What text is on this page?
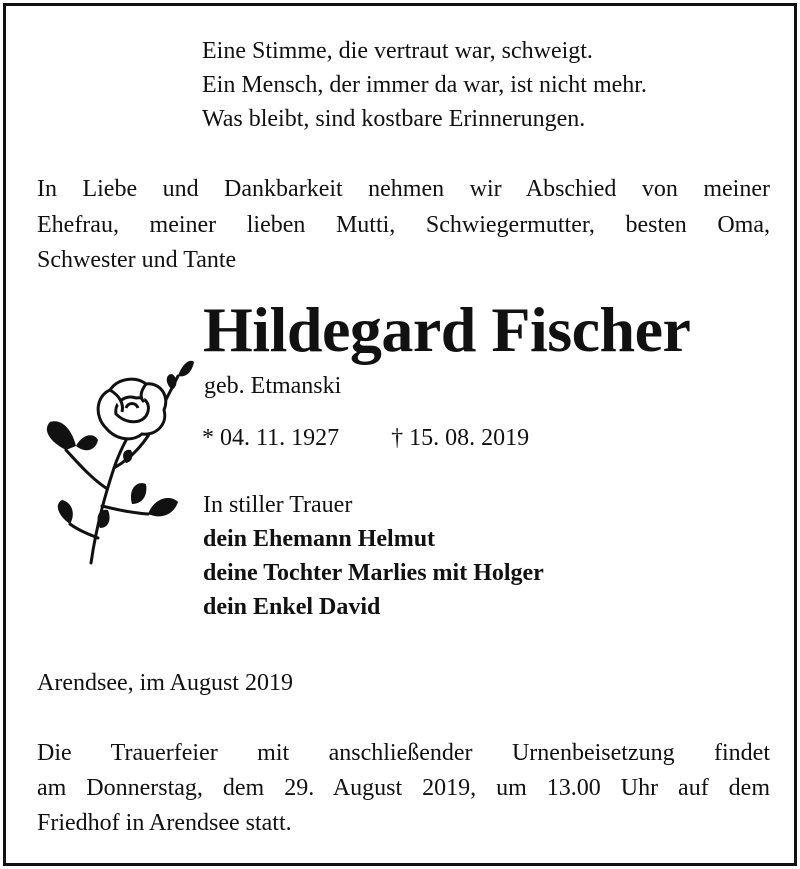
Eine Stimme, die vertraut war, schweigt.
Ein Mensch, der immer da war, ist nicht mehr.
Was bleibt, sind kostbare Erinnerungen.
In Liebe und Dankbarkeit nehmen wir Abschied von meiner
Ehefrau, meiner lieben Mutti, Schwiegermutter, besten Oma,
Schwester und Tante
Hildegard Fischer
geb. Etmanski
* 04. 11. 1927 † 15. 08. 2019
In stiller Trauer
dein Ehemann Helmut
deine Tochter Marlies mit Holger
dein Enkel David
Arendsee, im August 2019
Die Trauerfeier mit anschließender Urnenbeisetzung findet
am Donnerstag, dem 29. August 2019, um 13.00 Uhr auf dem
Friedhof in Arendsee statt.
